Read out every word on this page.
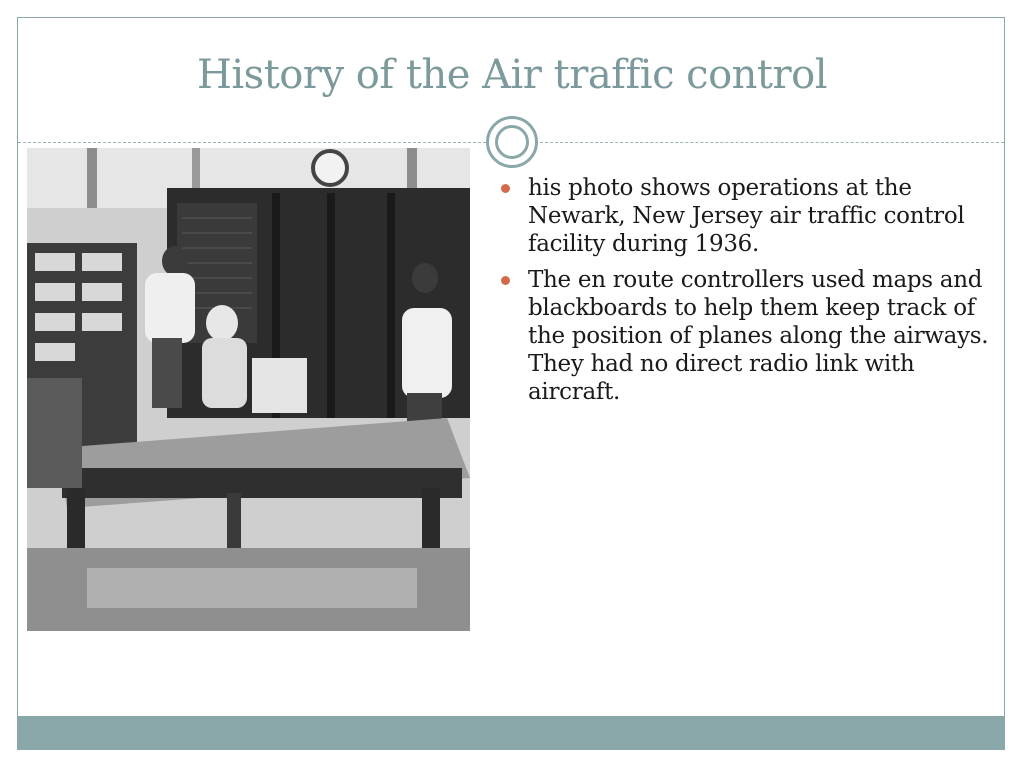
History of the Air traffic control
his photo shows operations at the Newark, New Jersey air traffic control facility during 1936.
The en route controllers used maps and blackboards to help them keep track of the position of planes along the airways. They had no direct radio link with aircraft.
